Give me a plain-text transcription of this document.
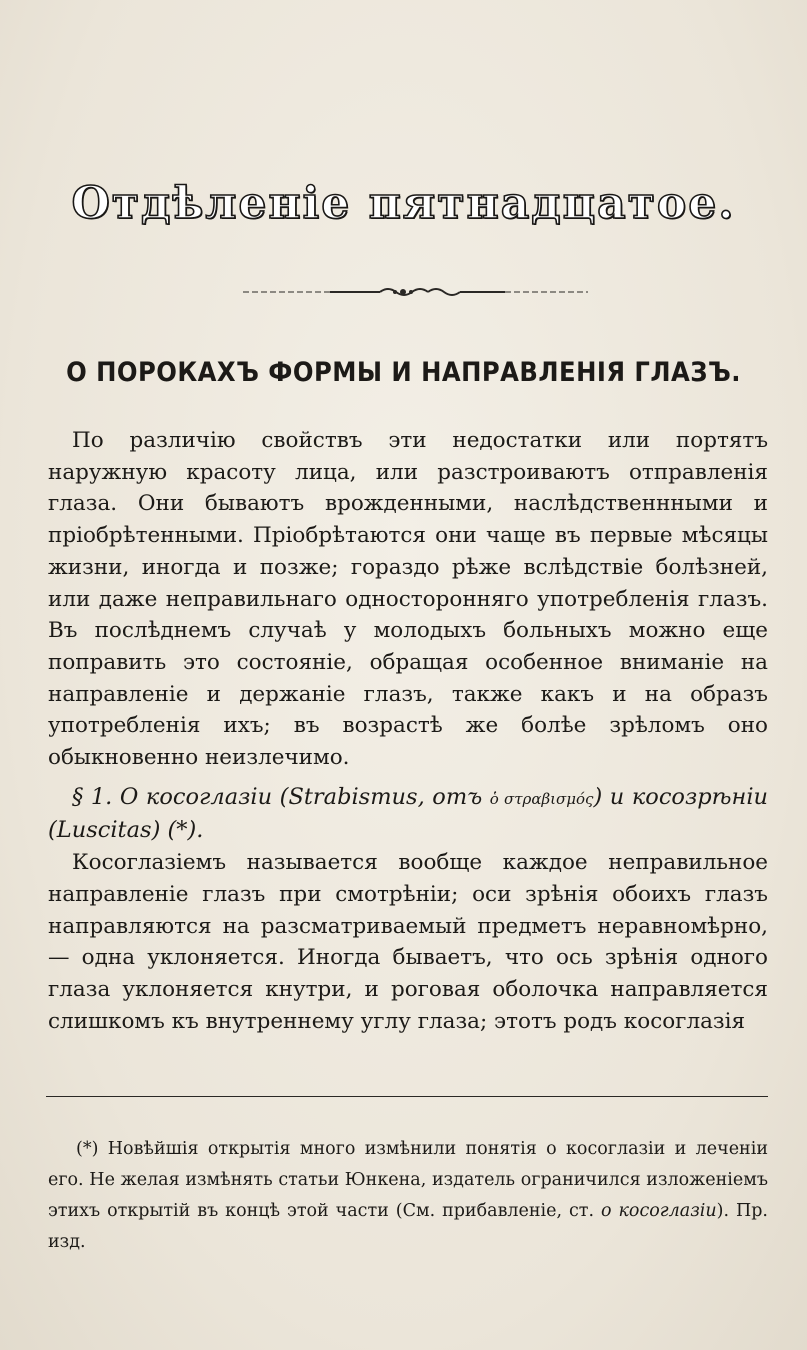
Отдѣленіе пятнадцатое.
О ПОРОКАХЪ ФОРМЫ И НАПРАВЛЕНІЯ ГЛАЗЪ.

По различію свойствъ эти недостатки или портятъ наружную красоту лица, или разстроиваютъ отправленія глаза. Они бываютъ врожденными, наслѣдственнными и пріобрѣтенными. Пріобрѣтаются они чаще въ первые мѣсяцы жизни, иногда и позже; гораздо рѣже вслѣдствіе болѣзней, или даже неправильнаго односторонняго употребленія глазъ. Въ послѣднемъ случаѣ у молодыхъ больныхъ можно еще поправить это состояніе, обращая особенное вниманіе на направленіе и держаніе глазъ, также какъ и на образъ употребленія ихъ; въ возрастѣ же болѣе зрѣломъ оно обыкновенно неизлечимо.

§ 1. О косоглазіи (Strabismus, отъ ὁ στραβισμός) и косозрѣніи (Luscitas) (*).

Косоглазіемъ называется вообще каждое неправильное направленіе глазъ при смотрѣніи; оси зрѣнія обоихъ глазъ направляются на разсматриваемый предметъ неравномѣрно,— одна уклоняется. Иногда бываетъ, что ось зрѣнія одного глаза уклоняется кнутри, и роговая оболочка направляется слишкомъ къ внутреннему углу глаза; этотъ родъ косоглазія

(*) Новѣйшія открытія много измѣнили понятія о косоглазіи и леченіи его. Не желая измѣнять статьи Юнкена, издатель ограничился изложеніемъ этихъ открытій въ концѣ этой части (См. прибавленіе, ст. о косоглазіи). Пр. изд.
